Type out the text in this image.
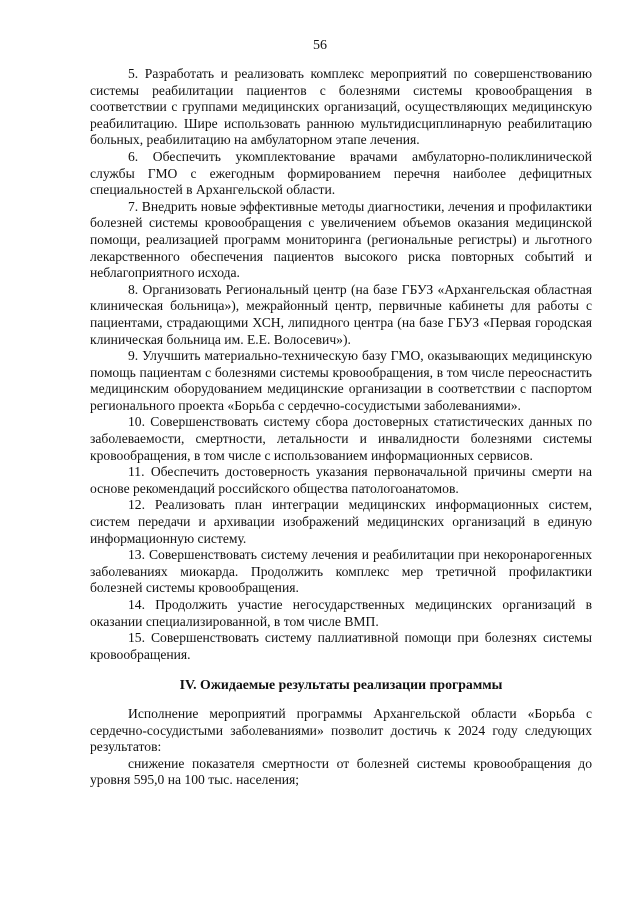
56

5. Разработать и реализовать комплекс мероприятий по совершенствованию системы реабилитации пациентов с болезнями системы кровообращения в соответствии с группами медицинских организаций, осуществляющих медицинскую реабилитацию. Шире использовать раннюю мультидисциплинарную реабилитацию больных, реабилитацию на амбулаторном этапе лечения.

6. Обеспечить укомплектование врачами амбулаторно-поликлинической службы ГМО с ежегодным формированием перечня наиболее дефицитных специальностей в Архангельской области.

7. Внедрить новые эффективные методы диагностики, лечения и профилактики болезней системы кровообращения с увеличением объемов оказания медицинской помощи, реализацией программ мониторинга (региональные регистры) и льготного лекарственного обеспечения пациентов высокого риска повторных событий и неблагоприятного исхода.

8. Организовать Региональный центр (на базе ГБУЗ «Архангельская областная клиническая больница»), межрайонный центр, первичные кабинеты для работы с пациентами, страдающими ХСН, липидного центра (на базе ГБУЗ «Первая городская клиническая больница им. Е.Е. Волосевич»).

9. Улучшить материально-техническую базу ГМО, оказывающих медицинскую помощь пациентам с болезнями системы кровообращения, в том числе переоснастить медицинским оборудованием медицинские организации в соответствии с паспортом регионального проекта «Борьба с сердечно-сосудистыми заболеваниями».

10. Совершенствовать систему сбора достоверных статистических данных по заболеваемости, смертности, летальности и инвалидности болезнями системы кровообращения, в том числе с использованием информационных сервисов.

11. Обеспечить достоверность указания первоначальной причины смерти на основе рекомендаций российского общества патологоанатомов.

12. Реализовать план интеграции медицинских информационных систем, систем передачи и архивации изображений медицинских организаций в единую информационную систему.

13. Совершенствовать систему лечения и реабилитации при некоронарогенных заболеваниях миокарда. Продолжить комплекс мер третичной профилактики болезней системы кровообращения.

14. Продолжить участие негосударственных медицинских организаций в оказании специализированной, в том числе ВМП.

15. Совершенствовать систему паллиативной помощи при болезнях системы кровообращения.

IV. Ожидаемые результаты реализации программы

Исполнение мероприятий программы Архангельской области «Борьба с сердечно-сосудистыми заболеваниями» позволит достичь к 2024 году следующих результатов:

снижение показателя смертности от болезней системы кровообращения до уровня 595,0 на 100 тыс. населения;
